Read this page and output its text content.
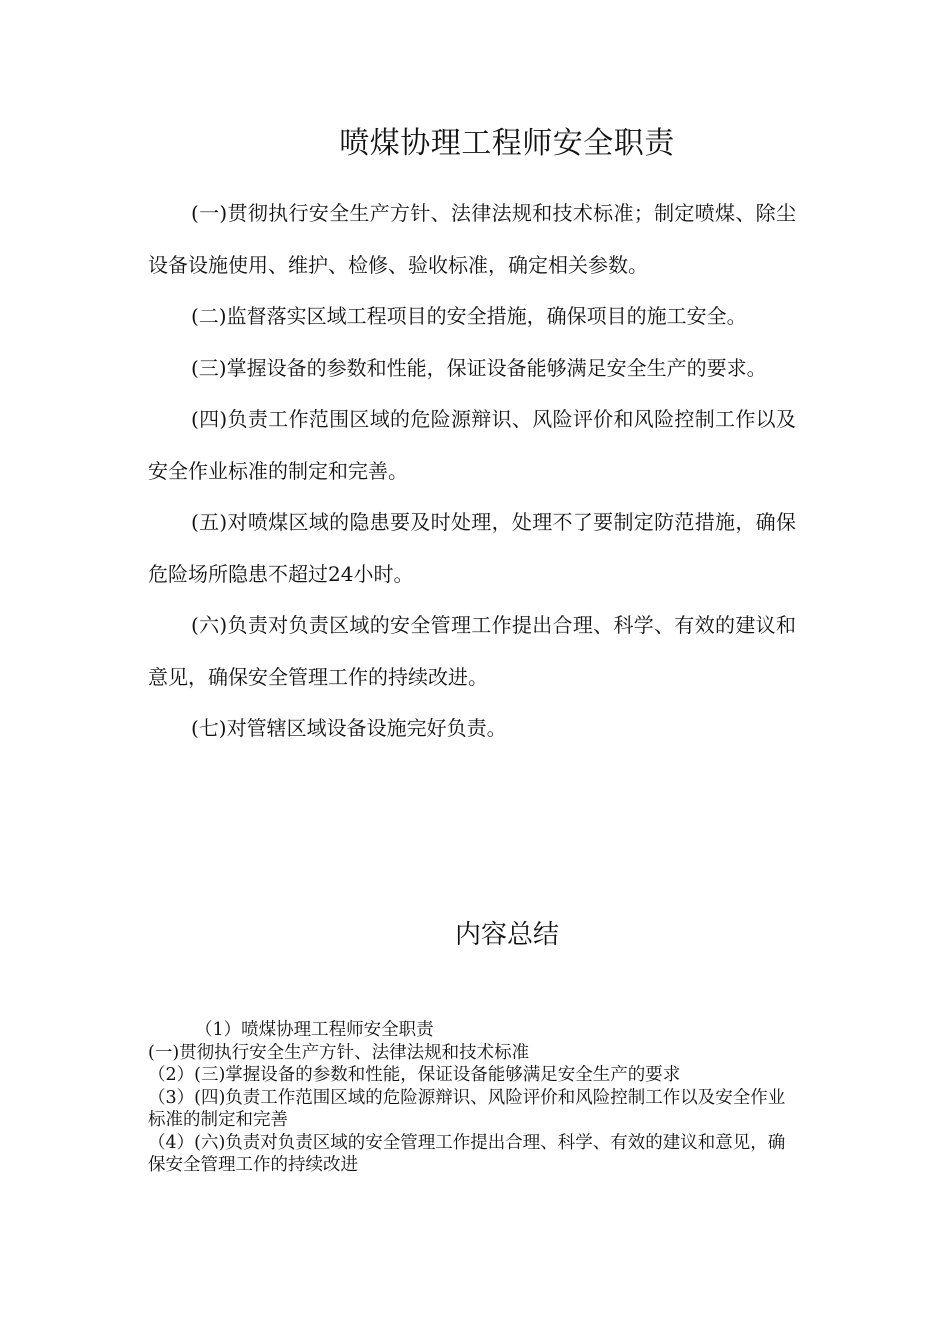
喷煤协理工程师安全职责

(一)贯彻执行安全生产方针、法律法规和技术标准；制定喷煤、除尘设备设施使用、维护、检修、验收标准，确定相关参数。

(二)监督落实区域工程项目的安全措施，确保项目的施工安全。

(三)掌握设备的参数和性能，保证设备能够满足安全生产的要求。

(四)负责工作范围区域的危险源辩识、风险评价和风险控制工作以及安全作业标准的制定和完善。

(五)对喷煤区域的隐患要及时处理，处理不了要制定防范措施，确保危险场所隐患不超过24小时。

(六)负责对负责区域的安全管理工作提出合理、科学、有效的建议和意见，确保安全管理工作的持续改进。

(七)对管辖区域设备设施完好负责。

内容总结

（1）喷煤协理工程师安全职责

(一)贯彻执行安全生产方针、法律法规和技术标准

（2）(三)掌握设备的参数和性能，保证设备能够满足安全生产的要求

（3）(四)负责工作范围区域的危险源辩识、风险评价和风险控制工作以及安全作业标准的制定和完善

（4）(六)负责对负责区域的安全管理工作提出合理、科学、有效的建议和意见，确保安全管理工作的持续改进
